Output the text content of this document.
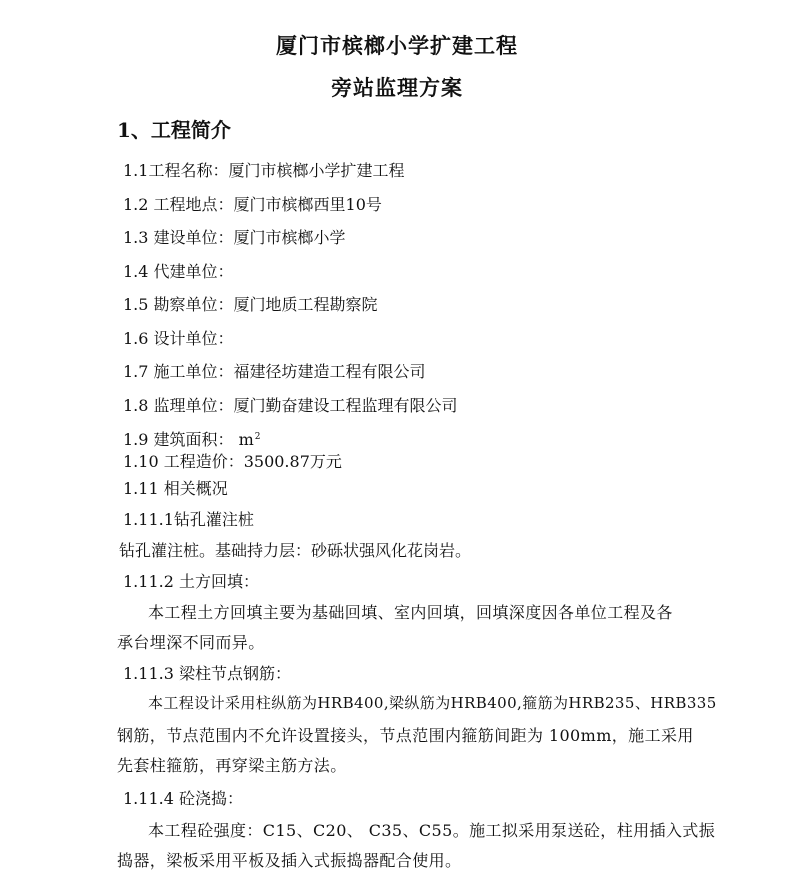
厦门市槟榔小学扩建工程
旁站监理方案
1、工程简介
1.1工程名称：厦门市槟榔小学扩建工程
1.2 工程地点：厦门市槟榔西里10号
1.3 建设单位：厦门市槟榔小学
1.4 代建单位：
1.5 勘察单位：厦门地质工程勘察院
1.6 设计单位：
1.7 施工单位：福建径坊建造工程有限公司
1.8 监理单位：厦门勤奋建设工程监理有限公司
1.9 建筑面积： $m^2$
1.10 工程造价：3500.87万元
1.11 相关概况
1.11.1钻孔灌注桩
钻孔灌注桩。基础持力层：砂砾状强风化花岗岩。
1.11.2 土方回填：
本工程土方回填主要为基础回填、室内回填，回填深度因各单位工程及各
承台埋深不同而异。
1.11.3 梁柱节点钢筋：
本工程设计采用柱纵筋为HRB400,梁纵筋为HRB400,箍筋为HRB235、HRB335
钢筋，节点范围内不允许设置接头，节点范围内箍筋间距为 100mm，施工采用
先套柱箍筋，再穿梁主筋方法。
1.11.4 砼浇捣：
本工程砼强度：C15、C20、 C35、C55。施工拟采用泵送砼，柱用插入式振
捣器，梁板采用平板及插入式振捣器配合使用。
